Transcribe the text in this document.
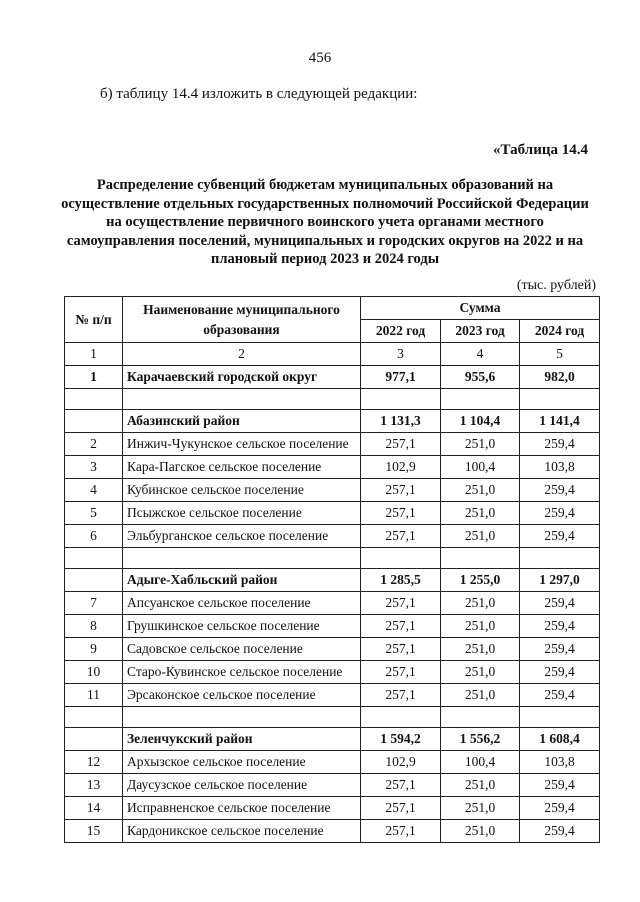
456
б) таблицу 14.4 изложить в следующей редакции:
«Таблица 14.4
Распределение субвенций бюджетам муниципальных образований на осуществление отдельных государственных полномочий Российской Федерации на осуществление первичного воинского учета органами местного самоуправления поселений, муниципальных и городских округов на 2022 и на плановый период 2023 и 2024 годы
(тыс. рублей)
№ п/п	Наименование муниципального образования	Сумма		
		2022 год	2023 год	2024 год
1	2	3	4	5
1	Карачаевский городской округ	977,1	955,6	982,0

	Абазинский район	1 131,3	1 104,4	1 141,4
2	Инжич-Чукунское сельское поселение	257,1	251,0	259,4
3	Кара-Пагское сельское поселение	102,9	100,4	103,8
4	Кубинское сельское поселение	257,1	251,0	259,4
5	Псыжское сельское поселение	257,1	251,0	259,4
6	Эльбурганское сельское поселение	257,1	251,0	259,4

	Адыге-Хабльский район	1 285,5	1 255,0	1 297,0
7	Апсуанское сельское поселение	257,1	251,0	259,4
8	Грушкинское сельское поселение	257,1	251,0	259,4
9	Садовское сельское поселение	257,1	251,0	259,4
10	Старо-Кувинское сельское поселение	257,1	251,0	259,4
11	Эрсаконское сельское поселение	257,1	251,0	259,4

	Зеленчукский район	1 594,2	1 556,2	1 608,4
12	Архызское сельское поселение	102,9	100,4	103,8
13	Даусузское сельское поселение	257,1	251,0	259,4
14	Исправненское сельское поселение	257,1	251,0	259,4
15	Кардоникское сельское поселение	257,1	251,0	259,4
